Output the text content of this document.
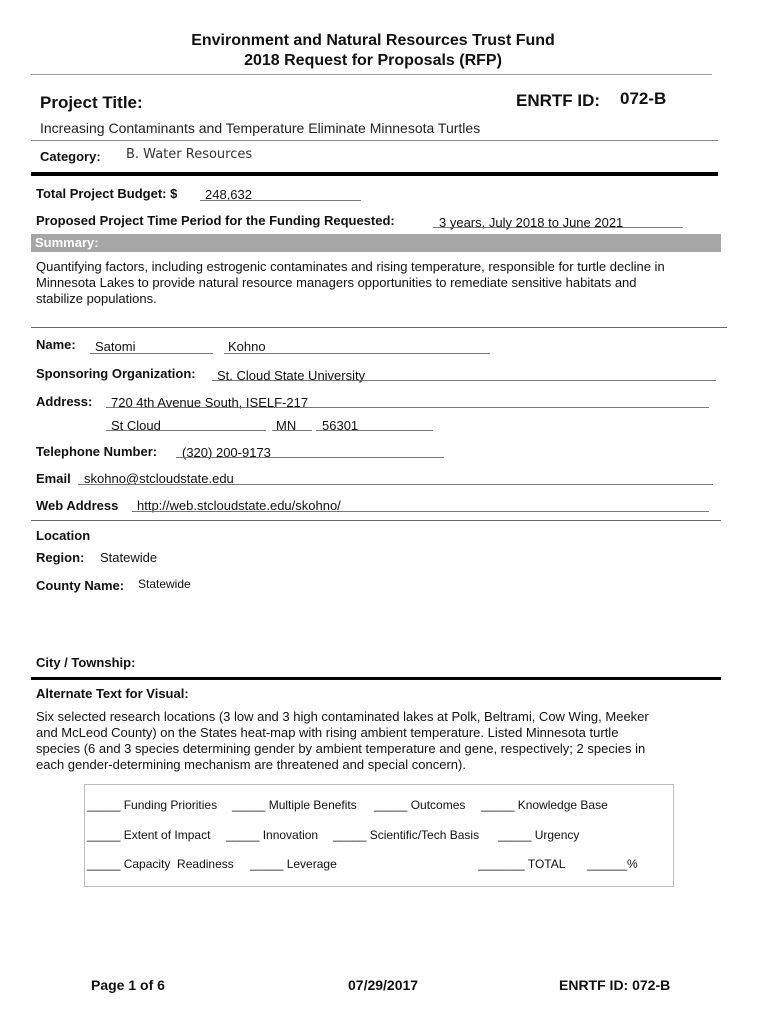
Environment and Natural Resources Trust Fund
2018 Request for Proposals (RFP)
Project Title:	ENRTF ID: 072-B
Increasing Contaminants and Temperature Eliminate Minnesota Turtles
Category: B. Water Resources
Total Project Budget: $ 248,632
Proposed Project Time Period for the Funding Requested:	3 years, July 2018 to June 2021
Summary:
Quantifying factors, including estrogenic contaminates and rising temperature, responsible for turtle decline in
Minnesota Lakes to provide natural resource managers opportunities to remediate sensitive habitats and
stabilize populations.
Name: Satomi	Kohno
Sponsoring Organization: St. Cloud State University
Address: 720 4th Avenue South, ISELF-217
St Cloud	MN 56301
Telephone Number: (320) 200-9173
Email skohno@stcloudstate.edu
Web Address http://web.stcloudstate.edu/skohno/
Location
Region: Statewide
County Name: Statewide
City / Township:
Alternate Text for Visual:
Six selected research locations (3 low and 3 high contaminated lakes at Polk, Beltrami, Cow Wing, Meeker
and McLeod County) on the States heat-map with rising ambient temperature. Listed Minnesota turtle
species (6 and 3 species determining gender by ambient temperature and gene, respectively; 2 species in
each gender-determining mechanism are threatened and special concern).
_____ Funding Priorities _____ Multiple Benefits _____ Outcomes _____ Knowledge Base
_____ Extent of Impact _____ Innovation _____ Scientific/Tech Basis _____ Urgency
_____ Capacity  Readiness _____ Leverage	_______ TOTAL ______%
Page 1 of 6	07/29/2017	ENRTF ID: 072-B
